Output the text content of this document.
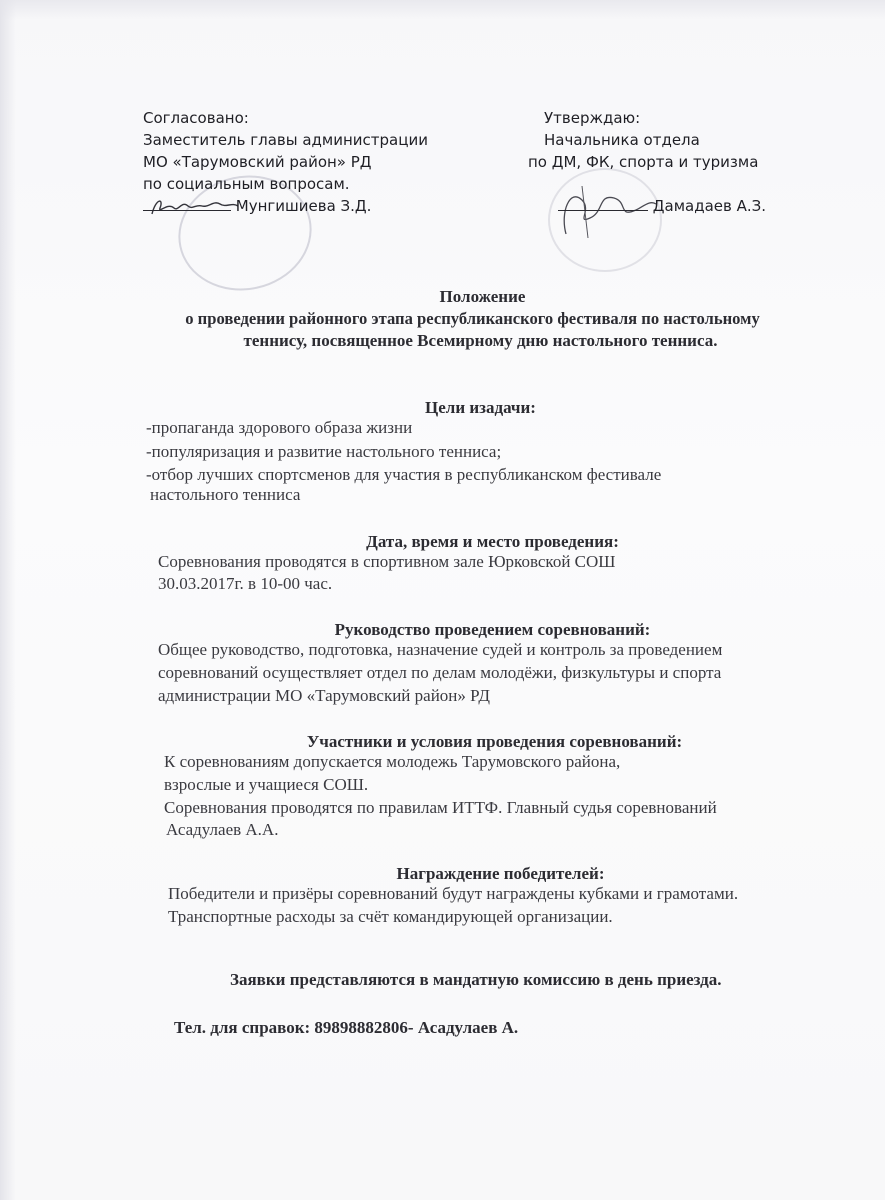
Согласовано:
Заместитель главы администрации
МО «Тарумовский район» РД
по социальным вопросам.
Мунгишиева З.Д.
Утверждаю:
Начальника отдела
по ДМ, ФК, спорта и туризма
Дамадаев А.З.
Положение
о проведении районного этапа республиканского фестиваля по настольному
теннису, посвященное Всемирному дню настольного тенниса.
Цели изадачи:
-пропаганда здорового образа жизни
-популяризация и развитие настольного тенниса;
-отбор лучших спортсменов для участия в республиканском фестивале
настольного тенниса
Дата, время и место проведения:
Соревнования проводятся в спортивном зале Юрковской СОШ
30.03.2017г. в 10-00 час.
Руководство проведением соревнований:
Общее руководство, подготовка, назначение судей и контроль за проведением
соревнований осуществляет отдел по делам молодёжи, физкультуры и спорта
администрации МО «Тарумовский район» РД
Участники и условия проведения соревнований:
К соревнованиям допускается молодежь Тарумовского района,
взрослые и учащиеся СОШ.
Соревнования проводятся по правилам ИТТФ. Главный судья соревнований
Асадулаев А.А.
Награждение победителей:
Победители и призёры соревнований будут награждены кубками и грамотами.
Транспортные расходы за счёт командирующей организации.
Заявки представляются в мандатную комиссию в день приезда.
Тел. для справок: 89898882806- Асадулаев А.
